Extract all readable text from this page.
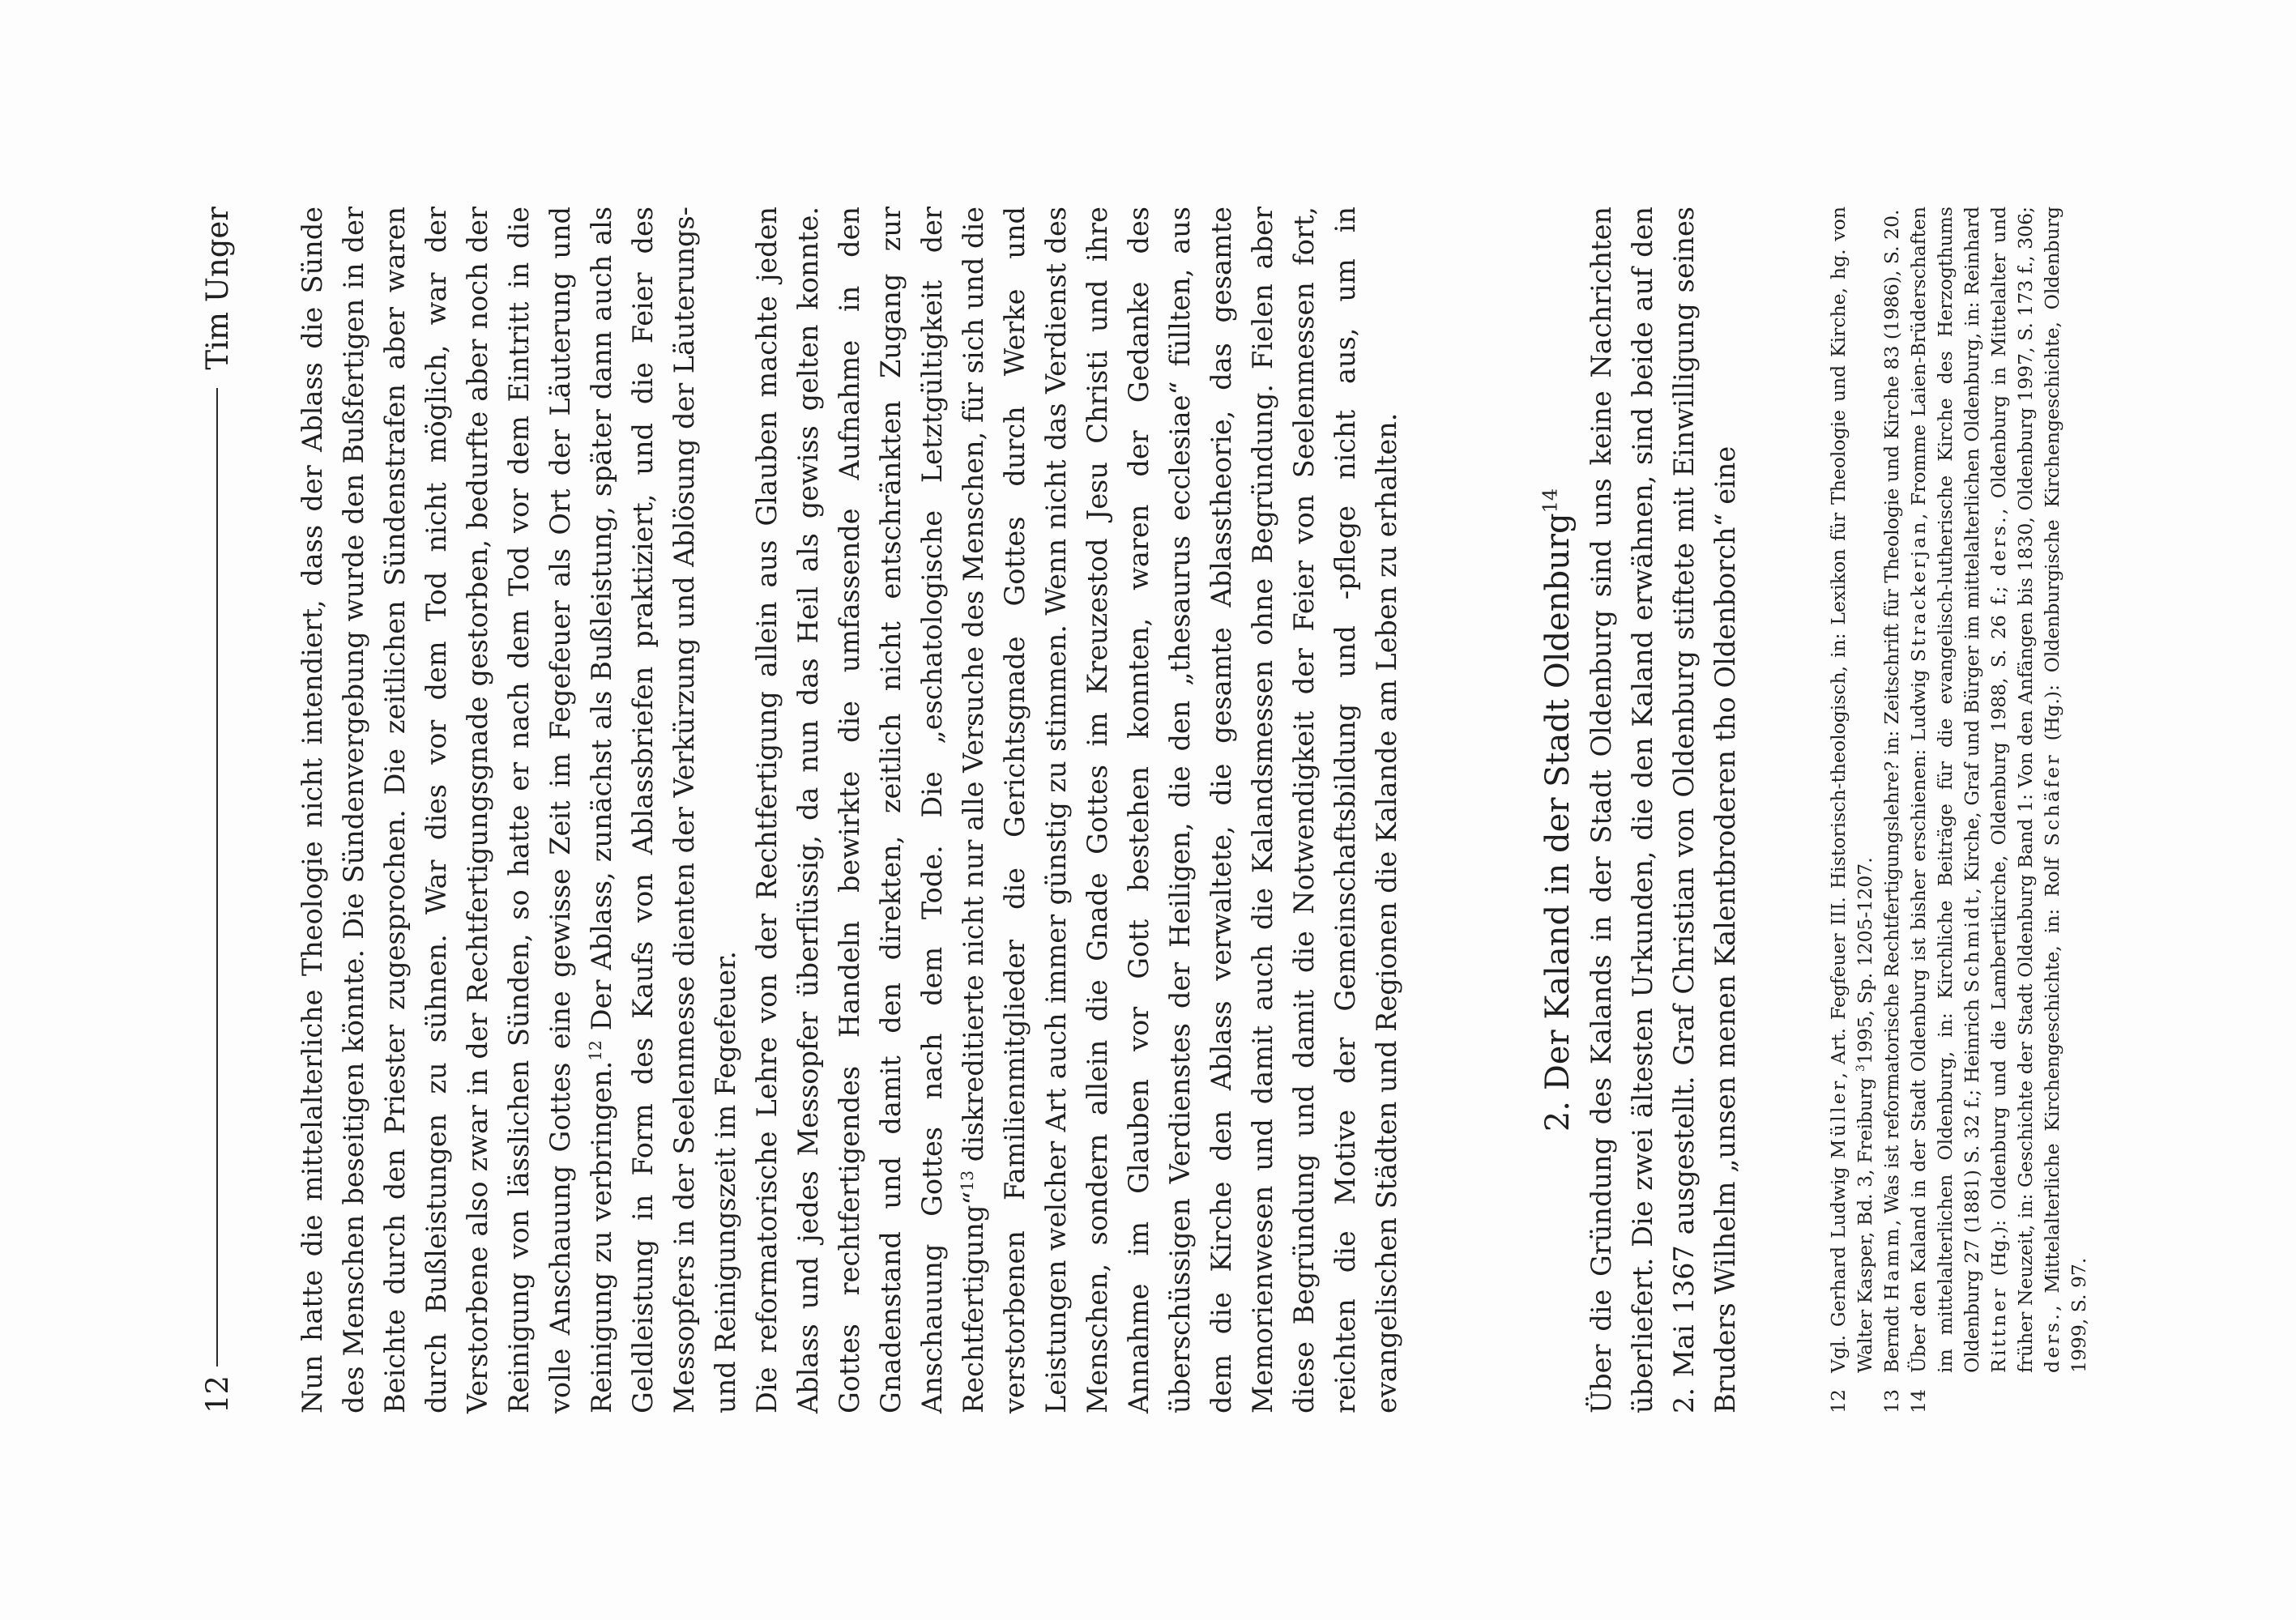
12
Tim Unger Nun hatte die mittelalterliche Theologie nicht intendiert, dass der Ablass die Sünde des Menschen beseitigen könnte. Die Sündenvergebung wurde den Bußfertigen in der Beichte durch den Priester zugesprochen. Die zeitlichen Sündenstrafen aber waren durch Bußleistungen zu sühnen. War dies vor dem Tod nicht möglich, war der Verstorbene also zwar in der Rechtfertigungsgnade gestorben, bedurfte aber noch der Reinigung von lässlichen Sünden, so hatte er nach dem Tod vor dem Eintritt in die volle Anschauung Gottes eine gewisse Zeit im Fegefeuer als Ort der Läuterung und Reinigung zu verbringen.$^{12}$ Der Ablass, zunächst als Bußleistung, später dann auch als Geldleistung in Form des Kaufs von Ablassbriefen praktiziert, und die Feier des Messopfers in der Seelenmesse dienten der Verkürzung und Ablösung der Läuterungs- und Reinigungszeit im Fegefeuer. Die reformatorische Lehre von der Rechtfertigung allein aus Glauben machte jeden Ablass und jedes Messopfer überflüssig, da nun das Heil als gewiss gelten konnte. Gottes rechtfertigendes Handeln bewirkte die umfassende Aufnahme in den Gnadenstand und damit den direkten, zeitlich nicht entschränkten Zugang zur Anschauung Gottes nach dem Tode. Die „eschatologische Letztgültigkeit der Rechtfertigung“$^{13}$ diskreditierte nicht nur alle Versuche des Menschen, für sich und die verstorbenen Familienmitglieder die Gerichtsgnade Gottes durch Werke und Leistungen welcher Art auch immer günstig zu stimmen. Wenn nicht das Verdienst des Menschen, sondern allein die Gnade Gottes im Kreuzestod Jesu Christi und ihre Annahme im Glauben vor Gott bestehen konnten, waren der Gedanke des überschüssigen Verdienstes der Heiligen, die den „thesaurus ecclesiae“ füllten, aus dem die Kirche den Ablass verwaltete, die gesamte Ablasstheorie, das gesamte Memorienwesen und damit auch die Kalandsmessen ohne Begründung. Fielen aber diese Begründung und damit die Notwendigkeit der Feier von Seelenmessen fort, reichten die Motive der Gemeinschaftsbildung und -pflege nicht aus, um in evangelischen Städten und Regionen die Kalande am Leben zu erhalten.	2. Der Kaland in der Stadt Oldenburg$^{14}$ Über die Gründung des Kalands in der Stadt Oldenburg sind uns keine Nachrichten überliefert. Die zwei ältesten Urkunden, die den Kaland erwähnen, sind beide auf den 2. Mai 1367 ausgestellt. Graf Christian von Oldenburg stiftete mit Einwilligung seines Bruders Wilhelm „unsen menen Kalentbroderen tho Oldenborch“ eine	12
Vgl. Gerhard Ludwig Müller, Art. Fegfeuer III. Historisch-theologisch, in: Lexikon für Theologie und Kirche, hg. von Walter Kasper, Bd. 3, Freiburg $^3$1995, Sp. 1205-1207.
13
Berndt Hamm, Was ist reformatorische Rechtfertigungslehre? in: Zeitschrift für Theologie und Kirche 83 (1986), S. 20.
14
Über den Kaland in der Stadt Oldenburg ist bisher erschienen: Ludwig Strackerjan, Fromme Laien-Brüderschaften im mittelalterlichen Oldenburg, in: Kirchliche Beiträge für die evangelisch-lutherische Kirche des Herzogthums Oldenburg 27 (1881) S. 32 f.; Heinrich Schmidt, Kirche, Graf und Bürger im mittelalterlichen Oldenburg, in: Reinhard Rittner (Hg.): Oldenburg und die Lambertikirche, Oldenburg 1988, S. 26 f.; ders., Oldenburg in Mittelalter und früher Neuzeit, in: Geschichte der Stadt Oldenburg Band 1: Von den Anfängen bis 1830, Oldenburg 1997, S. 173 f., 306; ders., Mittelalterliche Kirchengeschichte, in: Rolf Schäfer (Hg.): Oldenburgische Kirchengeschichte, Oldenburg 1999, S. 97.
